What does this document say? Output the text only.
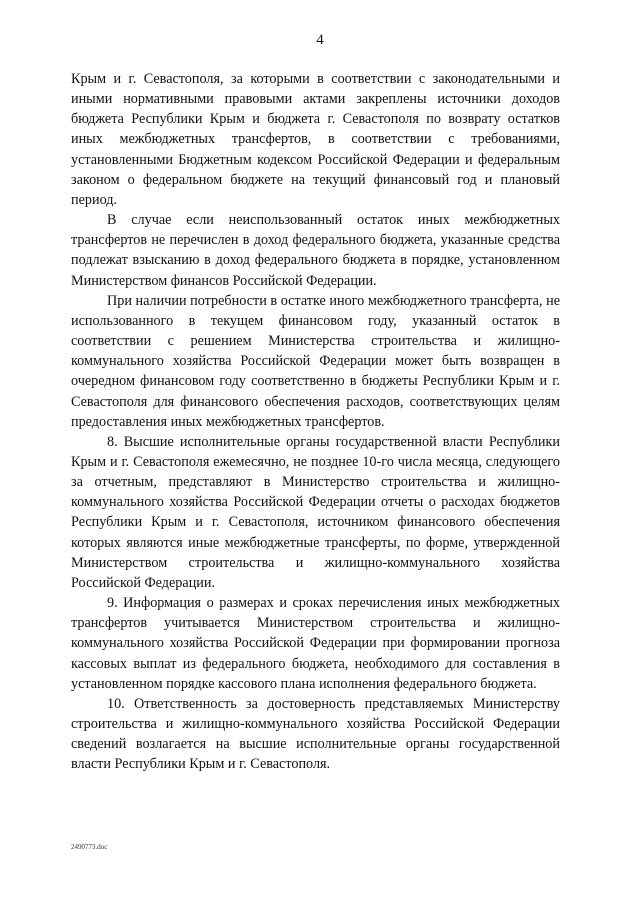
4

Крым и г. Севастополя, за которыми в соответствии с законодательными и иными нормативными правовыми актами закреплены источники доходов бюджета Республики Крым и бюджета г. Севастополя по возврату остатков иных межбюджетных трансфертов, в соответствии с требованиями, установленными Бюджетным кодексом Российской Федерации и федеральным законом о федеральном бюджете на текущий финансовый год и плановый период.

В случае если неиспользованный остаток иных межбюджетных трансфертов не перечислен в доход федерального бюджета, указанные средства подлежат взысканию в доход федерального бюджета в порядке, установленном Министерством финансов Российской Федерации.

При наличии потребности в остатке иного межбюджетного трансферта, не использованного в текущем финансовом году, указанный остаток в соответствии с решением Министерства строительства и жилищно-коммунального хозяйства Российской Федерации может быть возвращен в очередном финансовом году соответственно в бюджеты Республики Крым и г. Севастополя для финансового обеспечения расходов, соответствующих целям предоставления иных межбюджетных трансфертов.

8. Высшие исполнительные органы государственной власти Республики Крым и г. Севастополя ежемесячно, не позднее 10-го числа месяца, следующего за отчетным, представляют в Министерство строительства и жилищно-коммунального хозяйства Российской Федерации отчеты о расходах бюджетов Республики Крым и г. Севастополя, источником финансового обеспечения которых являются иные межбюджетные трансферты, по форме, утвержденной Министерством строительства и жилищно-коммунального хозяйства Российской Федерации.

9. Информация о размерах и сроках перечисления иных межбюджетных трансфертов учитывается Министерством строительства и жилищно-коммунального хозяйства Российской Федерации при формировании прогноза кассовых выплат из федерального бюджета, необходимого для составления в установленном порядке кассового плана исполнения федерального бюджета.

10. Ответственность за достоверность представляемых Министерству строительства и жилищно-коммунального хозяйства Российской Федерации сведений возлагается на высшие исполнительные органы государственной власти Республики Крым и г. Севастополя.

2490773.doc
